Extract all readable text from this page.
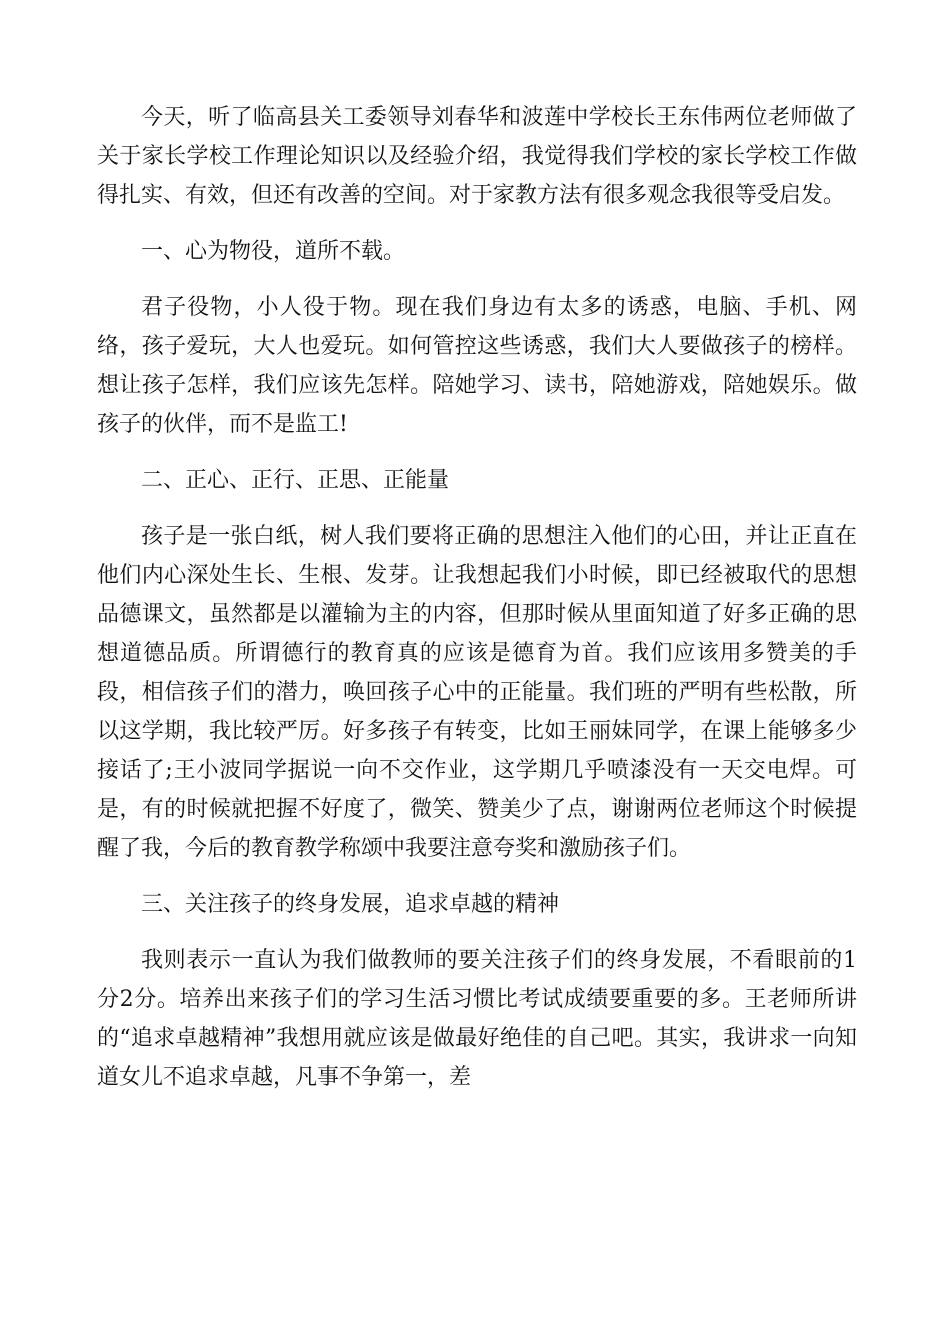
今天，听了临高县关工委领导刘春华和波莲中学校长王东伟两位老师做了关于家长学校工作理论知识以及经验介绍，我觉得我们学校的家长学校工作做得扎实、有效，但还有改善的空间。对于家教方法有很多观念我很等受启发。

一、心为物役，道所不载。

君子役物，小人役于物。现在我们身边有太多的诱惑，电脑、手机、网络，孩子爱玩，大人也爱玩。如何管控这些诱惑，我们大人要做孩子的榜样。想让孩子怎样，我们应该先怎样。陪她学习、读书，陪她游戏，陪她娱乐。做孩子的伙伴，而不是监工!

二、正心、正行、正思、正能量

孩子是一张白纸，树人我们要将正确的思想注入他们的心田，并让正直在他们内心深处生长、生根、发芽。让我想起我们小时候，即已经被取代的思想品德课文，虽然都是以灌输为主的内容，但那时候从里面知道了好多正确的思想道德品质。所谓德行的教育真的应该是德育为首。我们应该用多赞美的手段，相信孩子们的潜力，唤回孩子心中的正能量。我们班的严明有些松散，所以这学期，我比较严厉。好多孩子有转变，比如王丽妹同学，在课上能够多少接话了;王小波同学据说一向不交作业，这学期几乎喷漆没有一天交电焊。可是，有的时候就把握不好度了，微笑、赞美少了点，谢谢两位老师这个时候提醒了我，今后的教育教学称颂中我要注意夸奖和激励孩子们。

三、关注孩子的终身发展，追求卓越的精神

我则表示一直认为我们做教师的要关注孩子们的终身发展，不看眼前的1分2分。培养出来孩子们的学习生活习惯比考试成绩要重要的多。王老师所讲的“追求卓越精神”我想用就应该是做最好绝佳的自己吧。其实，我讲求一向知道女儿不追求卓越，凡事不争第一，差
